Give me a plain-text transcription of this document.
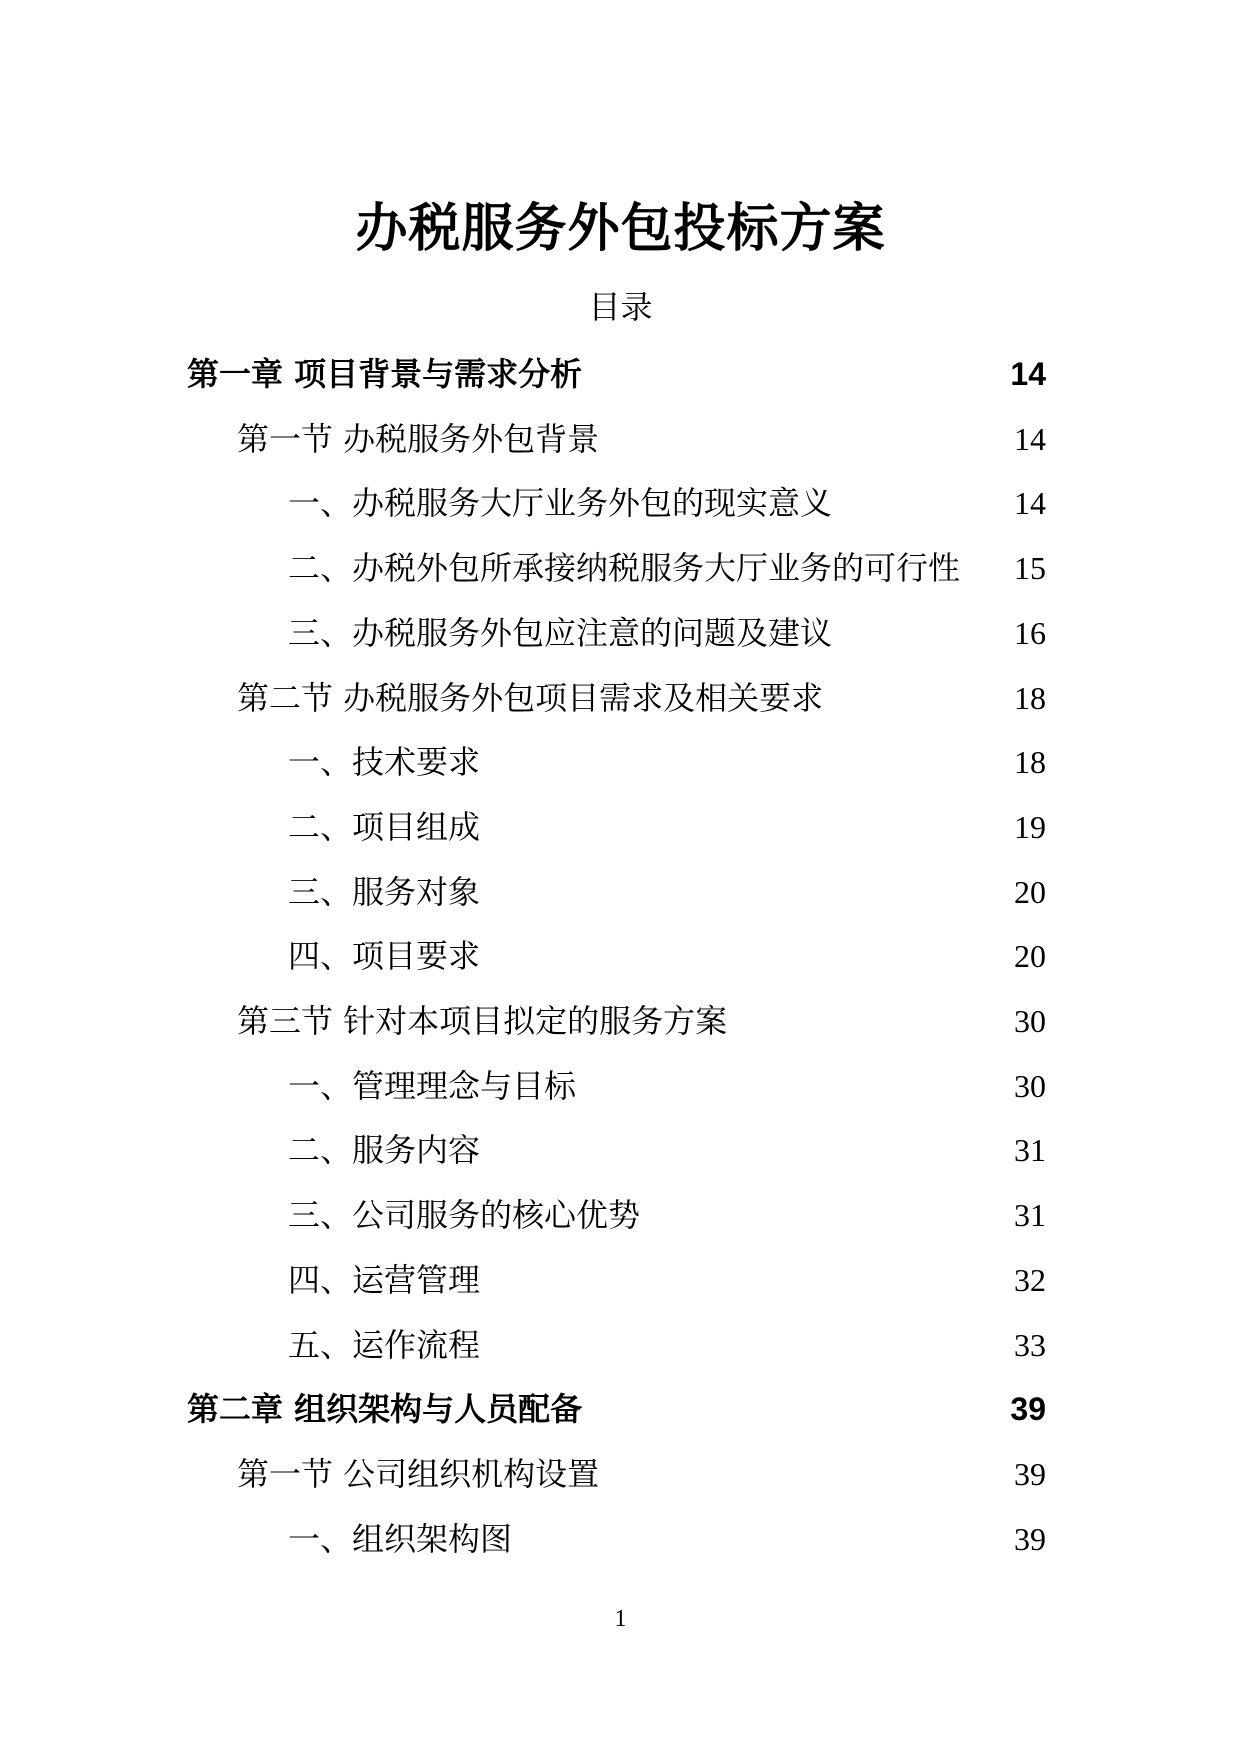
办税服务外包投标方案
目录
第一章 项目背景与需求分析	14
第一节 办税服务外包背景	14
一、办税服务大厅业务外包的现实意义	14
二、办税外包所承接纳税服务大厅业务的可行性 15
三、办税服务外包应注意的问题及建议	16
第二节 办税服务外包项目需求及相关要求	18
一、技术要求	18
二、项目组成	19
三、服务对象	20
四、项目要求	20
第三节 针对本项目拟定的服务方案	30
一、管理理念与目标	30
二、服务内容	31
三、公司服务的核心优势	31
四、运营管理	32
五、运作流程	33
第二章 组织架构与人员配备	39
第一节 公司组织机构设置	39
一、组织架构图	39
1
